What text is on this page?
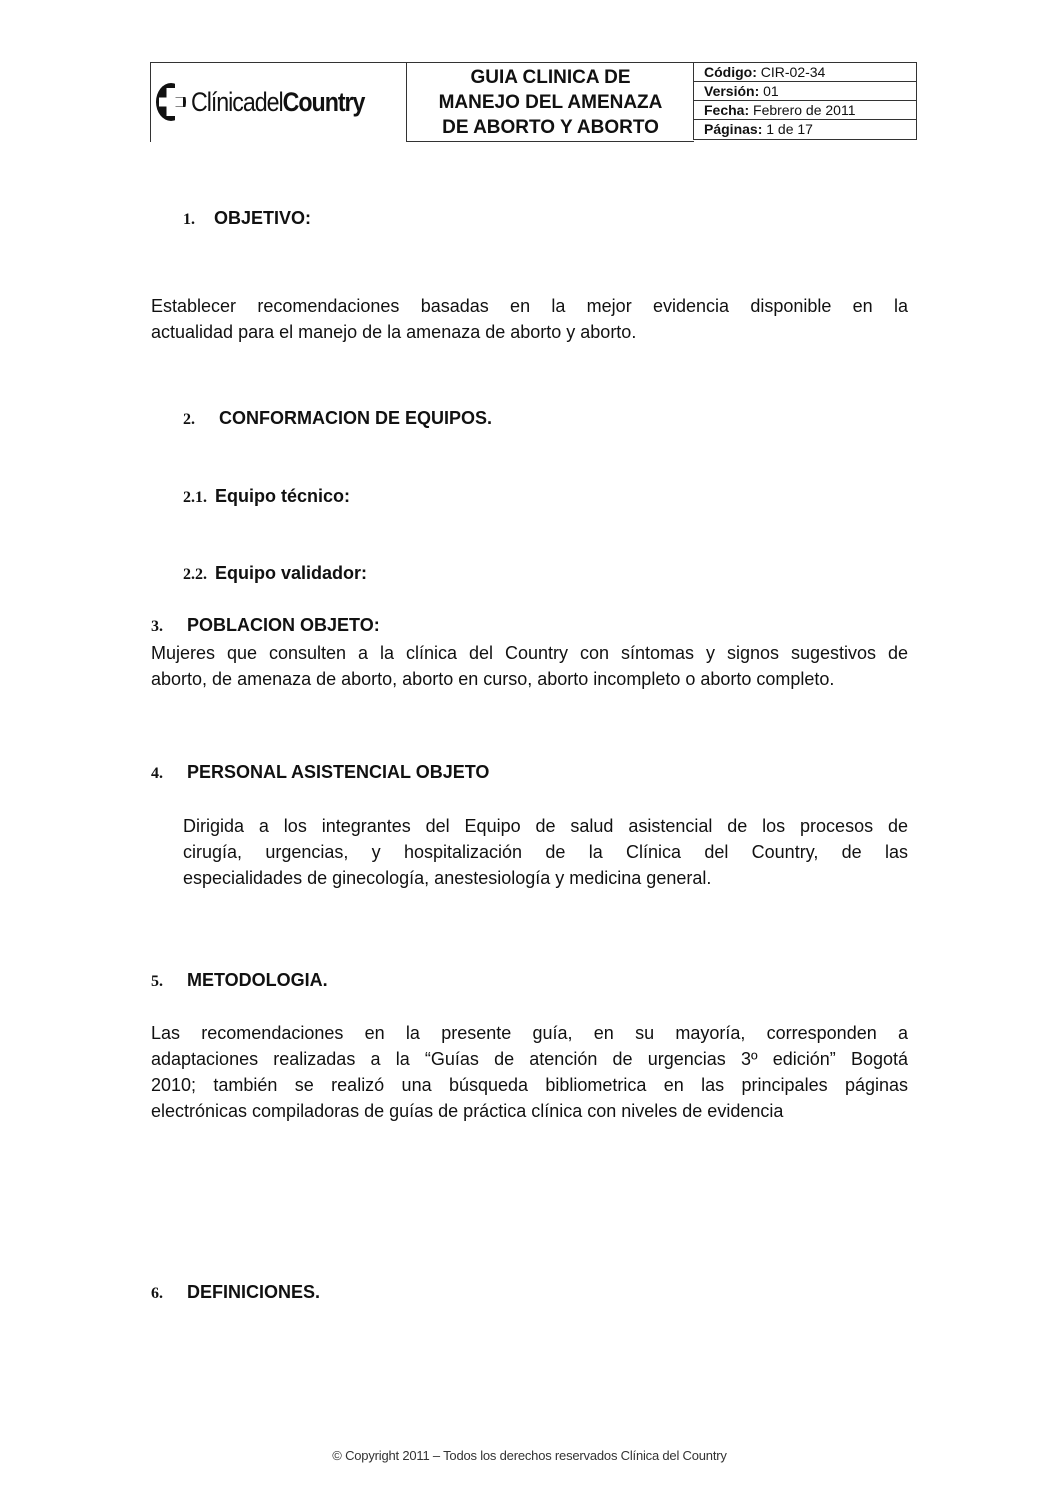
ClínicadelCountry
GUIA CLINICA DE
MANEJO DEL AMENAZA
DE ABORTO Y ABORTO
Código: CIR-02-34
Versión: 01
Fecha: Febrero de 2011
Páginas: 1 de 17
1. OBJETIVO:
Establecer recomendaciones basadas en la mejor evidencia disponible en la
actualidad para el manejo de la amenaza de aborto y aborto.
2. CONFORMACION DE EQUIPOS.
2.1. Equipo técnico:
2.2. Equipo validador:
3. POBLACION OBJETO:
Mujeres que consulten a la clínica del Country con síntomas y signos sugestivos de
aborto, de amenaza de aborto, aborto en curso, aborto incompleto o aborto completo.
4. PERSONAL ASISTENCIAL OBJETO
Dirigida a los integrantes del Equipo de salud asistencial de los procesos de
cirugía, urgencias, y hospitalización de la Clínica del Country, de las
especialidades de ginecología, anestesiología y medicina general.
5. METODOLOGIA.
Las recomendaciones en la presente guía, en su mayoría, corresponden a
adaptaciones realizadas a la “Guías de atención de urgencias 3º edición” Bogotá
2010; también se realizó una búsqueda bibliometrica en las principales páginas
electrónicas compiladoras de guías de práctica clínica con niveles de evidencia
6. DEFINICIONES.
© Copyright 2011 – Todos los derechos reservados Clínica del Country
